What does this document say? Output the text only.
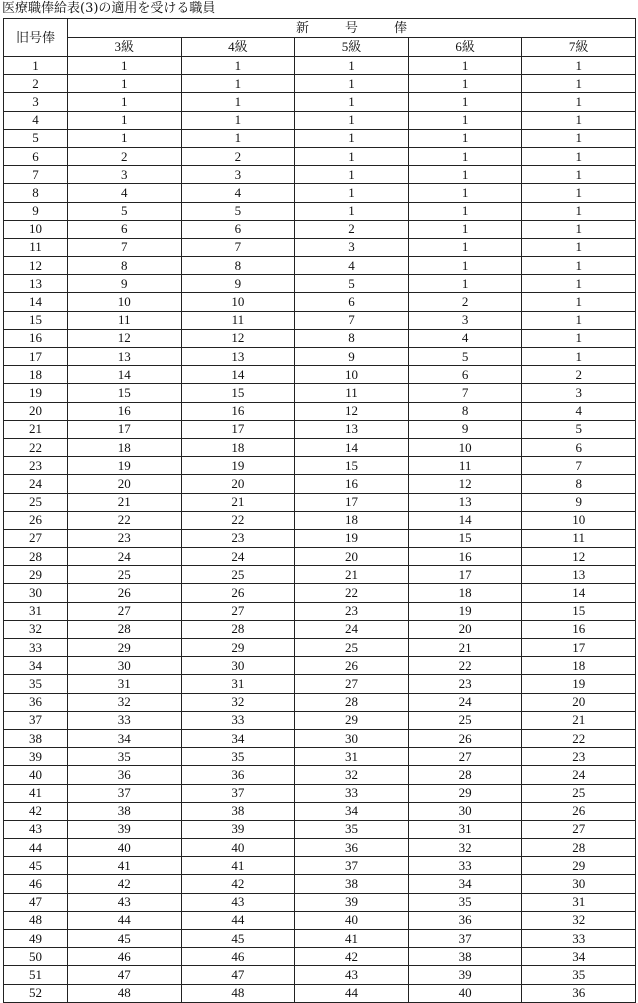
医療職俸給表(3)の適用を受ける職員
旧号俸	新 号 俸				
	3級	4級	5級	6級	7級
1	1	1	1	1	1
2	1	1	1	1	1
3	1	1	1	1	1
4	1	1	1	1	1
5	1	1	1	1	1
6	2	2	1	1	1
7	3	3	1	1	1
8	4	4	1	1	1
9	5	5	1	1	1
10	6	6	2	1	1
11	7	7	3	1	1
12	8	8	4	1	1
13	9	9	5	1	1
14	10	10	6	2	1
15	11	11	7	3	1
16	12	12	8	4	1
17	13	13	9	5	1
18	14	14	10	6	2
19	15	15	11	7	3
20	16	16	12	8	4
21	17	17	13	9	5
22	18	18	14	10	6
23	19	19	15	11	7
24	20	20	16	12	8
25	21	21	17	13	9
26	22	22	18	14	10
27	23	23	19	15	11
28	24	24	20	16	12
29	25	25	21	17	13
30	26	26	22	18	14
31	27	27	23	19	15
32	28	28	24	20	16
33	29	29	25	21	17
34	30	30	26	22	18
35	31	31	27	23	19
36	32	32	28	24	20
37	33	33	29	25	21
38	34	34	30	26	22
39	35	35	31	27	23
40	36	36	32	28	24
41	37	37	33	29	25
42	38	38	34	30	26
43	39	39	35	31	27
44	40	40	36	32	28
45	41	41	37	33	29
46	42	42	38	34	30
47	43	43	39	35	31
48	44	44	40	36	32
49	45	45	41	37	33
50	46	46	42	38	34
51	47	47	43	39	35
52	48	48	44	40	36
